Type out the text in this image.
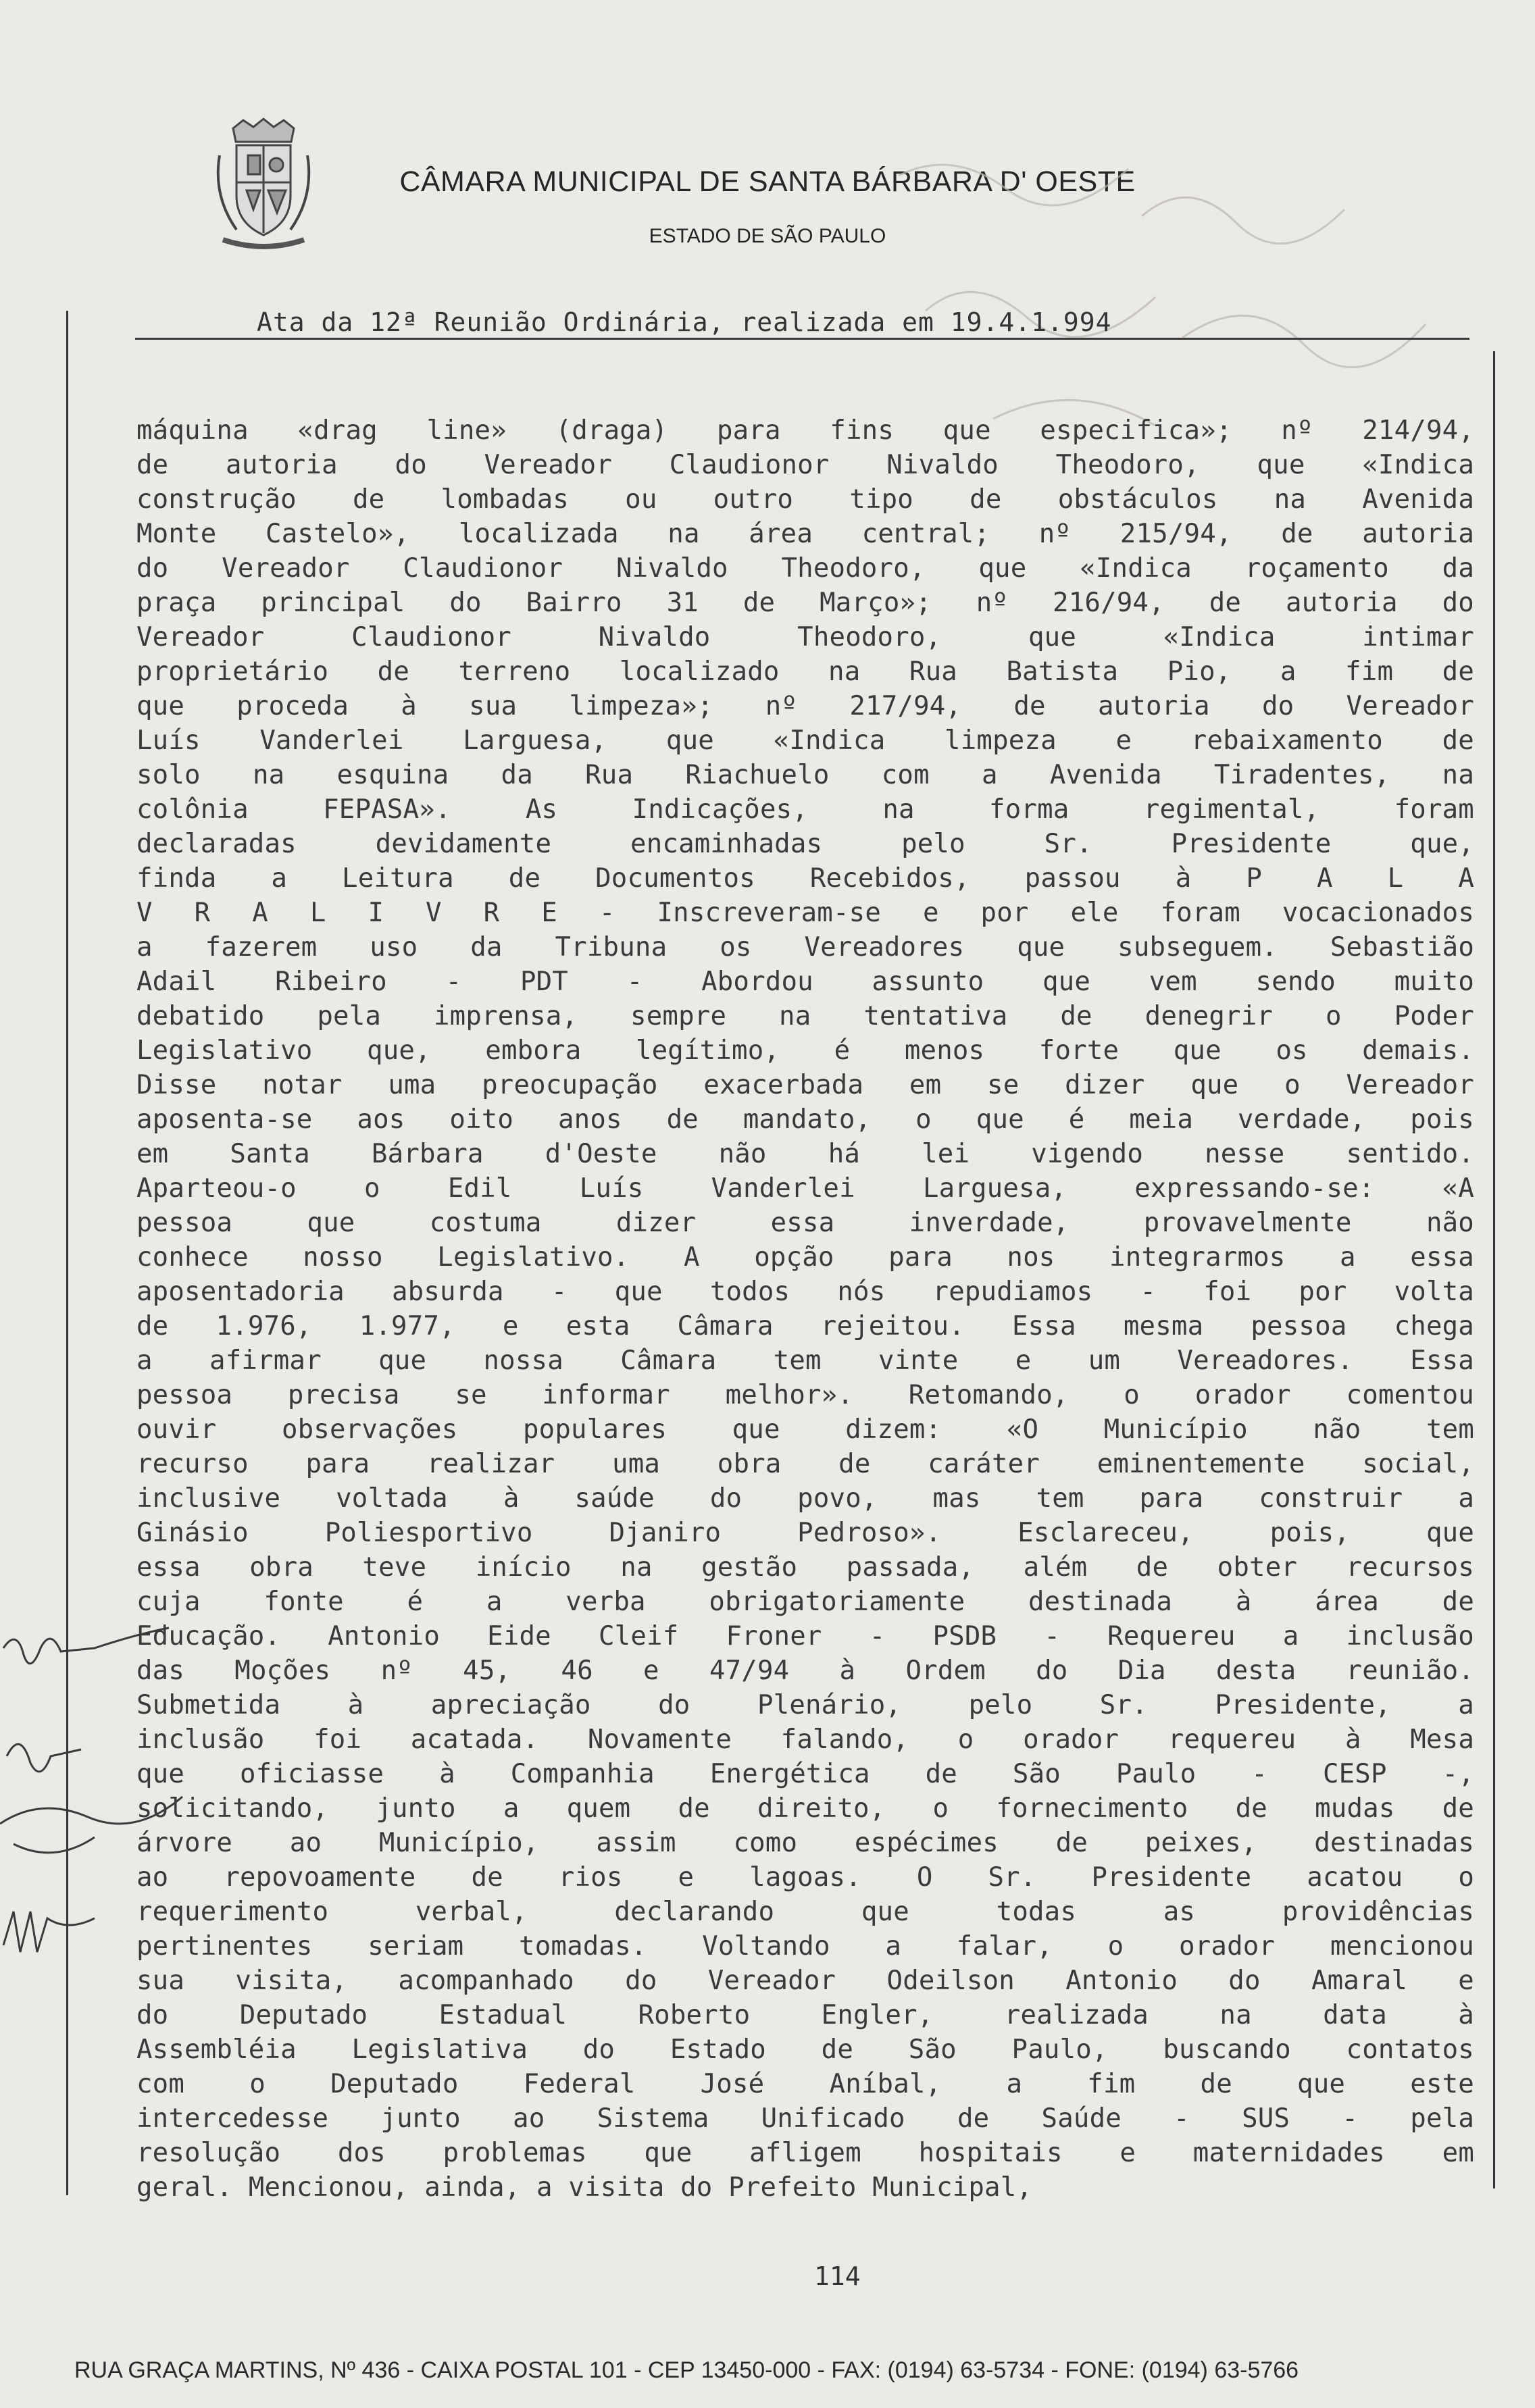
CÂMARA MUNICIPAL DE SANTA BÁRBARA D' OESTE
ESTADO DE SÃO PAULO
Ata da 12ª Reunião Ordinária, realizada em 19.4.1.994
máquina «drag line» (draga) para fins que especifica»; nº 214/94,
de autoria do Vereador Claudionor Nivaldo Theodoro, que «Indica
construção de lombadas ou outro tipo de obstáculos na Avenida
Monte Castelo», localizada na área central; nº 215/94, de autoria
do Vereador Claudionor Nivaldo Theodoro, que «Indica roçamento da
praça principal do Bairro 31 de Março»; nº 216/94, de autoria do
Vereador Claudionor Nivaldo Theodoro, que «Indica intimar
proprietário de terreno localizado na Rua Batista Pio, a fim de
que proceda à sua limpeza»; nº 217/94, de autoria do Vereador
Luís Vanderlei Larguesa, que «Indica limpeza e rebaixamento de
solo na esquina da Rua Riachuelo com a Avenida Tiradentes, na
colônia FEPASA». As Indicações, na forma regimental, foram
declaradas devidamente encaminhadas pelo Sr. Presidente que,
finda a Leitura de Documentos Recebidos, passou à P A L A
V R A L I V R E - Inscreveram-se e por ele foram vocacionados
a fazerem uso da Tribuna os Vereadores que subseguem. Sebastião
Adail Ribeiro - PDT - Abordou assunto que vem sendo muito
debatido pela imprensa, sempre na tentativa de denegrir o Poder
Legislativo que, embora legítimo, é menos forte que os demais.
Disse notar uma preocupação exacerbada em se dizer que o Vereador
aposenta-se aos oito anos de mandato, o que é meia verdade, pois
em Santa Bárbara d'Oeste não há lei vigendo nesse sentido.
Aparteou-o o Edil Luís Vanderlei Larguesa, expressando-se: «A
pessoa que costuma dizer essa inverdade, provavelmente não
conhece nosso Legislativo. A opção para nos integrarmos a essa
aposentadoria absurda - que todos nós repudiamos - foi por volta
de 1.976, 1.977, e esta Câmara rejeitou. Essa mesma pessoa chega
a afirmar que nossa Câmara tem vinte e um Vereadores. Essa
pessoa precisa se informar melhor». Retomando, o orador comentou
ouvir observações populares que dizem: «O Município não tem
recurso para realizar uma obra de caráter eminentemente social,
inclusive voltada à saúde do povo, mas tem para construir a
Ginásio Poliesportivo Djaniro Pedroso». Esclareceu, pois, que
essa obra teve início na gestão passada, além de obter recursos
cuja fonte é a verba obrigatoriamente destinada à área de
Educação. Antonio Eide Cleif Froner - PSDB - Requereu a inclusão
das Moções nº 45, 46 e 47/94 à Ordem do Dia desta reunião.
Submetida à apreciação do Plenário, pelo Sr. Presidente, a
inclusão foi acatada. Novamente falando, o orador requereu à Mesa
que oficiasse à Companhia Energética de São Paulo - CESP -,
solicitando, junto a quem de direito, o fornecimento de mudas de
árvore ao Município, assim como espécimes de peixes, destinadas
ao repovoamente de rios e lagoas. O Sr. Presidente acatou o
requerimento verbal, declarando que todas as providências
pertinentes seriam tomadas. Voltando a falar, o orador mencionou
sua visita, acompanhado do Vereador Odeilson Antonio do Amaral e
do Deputado Estadual Roberto Engler, realizada na data à
Assembléia Legislativa do Estado de São Paulo, buscando contatos
com o Deputado Federal José Aníbal, a fim de que este
intercedesse junto ao Sistema Unificado de Saúde - SUS - pela
resolução dos problemas que afligem hospitais e maternidades em
geral. Mencionou, ainda, a visita do Prefeito Municipal,
114
RUA GRAÇA MARTINS, Nº 436 - CAIXA POSTAL 101 - CEP 13450-000 - FAX: (0194) 63-5734 - FONE: (0194) 63-5766
